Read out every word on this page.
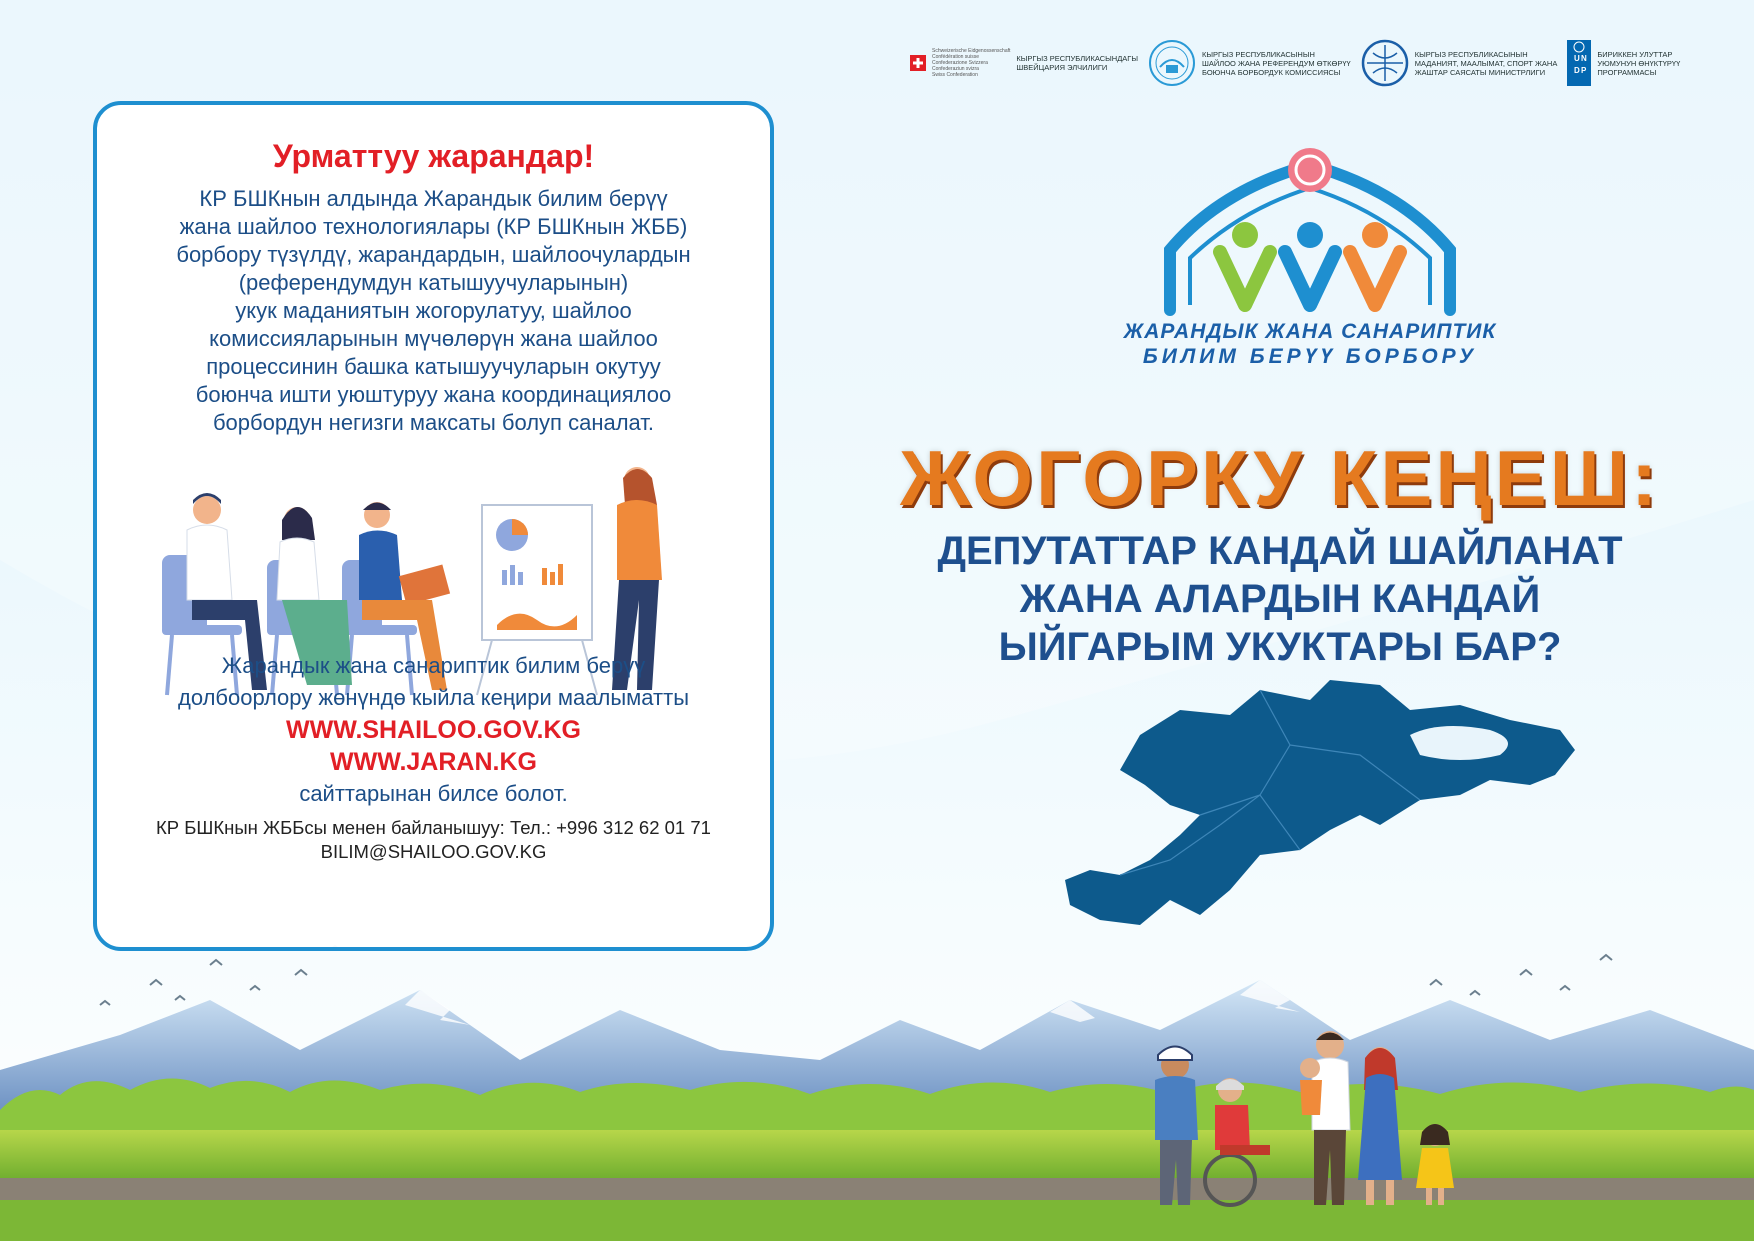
Schweizerische Eidgenossenschaft
Confédération suisse
Confederazione Svizzera
Confederaziun svizra
Swiss Confederation
КЫРГЫЗ РЕСПУБЛИКАСЫНДАГЫ
ШВЕЙЦАРИЯ ЭЛЧИЛИГИ
КЫРГЫЗ РЕСПУБЛИКАСЫНЫН
ШАЙЛОО ЖАНА РЕФЕРЕНДУМ ӨТКӨРҮҮ
БОЮНЧА БОРБОРДУК КОМИССИЯСЫ
КЫРГЫЗ РЕСПУБЛИКАСЫНЫН
МАДАНИЯТ, МААЛЫМАТ, СПОРТ ЖАНА
ЖАШТАР САЯСАТЫ МИНИСТРЛИГИ
U N
D P
БИРИККЕН УЛУТТАР
УЮМУНУН ӨНҮКТҮРҮҮ
ПРОГРАММАСЫ
Урматтуу жарандар!
КР БШКнын алдында Жарандык билим берүү
жана шайлоо технологиялары (КР БШКнын ЖББ)
борбору түзүлдү, жарандардын, шайлоочулардын
(референдумдун катышуучуларынын)
укук маданиятын жогорулатуу, шайлоо
комиссияларынын мүчөлөрүн жана шайлоо
процессинин башка катышуучуларын окутуу
боюнча ишти уюштуруу жана координациялоо
борбордун негизги максаты болуп саналат.
Жарандык жана санариптик билим берүү
долбоорлору жөнүндө кыйла кеңири маалыматты
WWW.SHAILOO.GOV.KG
WWW.JARAN.KG
сайттарынан билсе болот.
КР БШКнын ЖББсы менен байланышуу: Тел.: +996 312 62 01 71
BILIM@SHAILOO.GOV.KG
ЖАРАНДЫК ЖАНА САНАРИПТИК
БИЛИМ БЕРҮҮ БОРБОРУ
ЖОГОРКУ КЕҢЕШ:
ДЕПУТАТТАР КАНДАЙ ШАЙЛАНАТ
ЖАНА АЛАРДЫН КАНДАЙ
ЫЙГАРЫМ УКУКТАРЫ БАР?
